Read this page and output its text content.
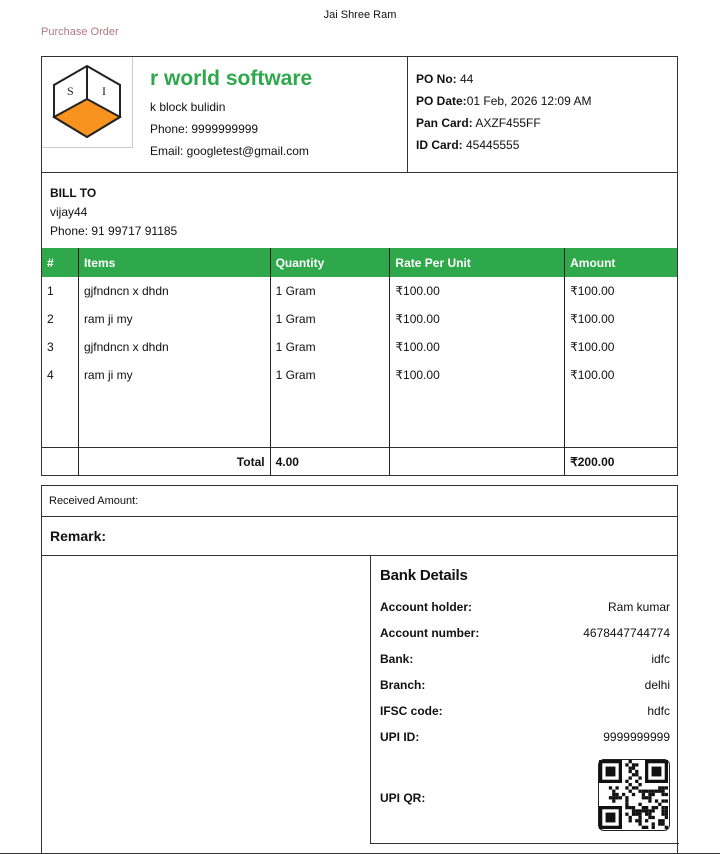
Jai Shree Ram
Purchase Order
S I
r world software
k block bulidin
Phone: 9999999999
Email: googletest@gmail.com
PO No: 44
PO Date:01 Feb, 2026 12:09 AM
Pan Card: AXZF455FF
ID Card: 45445555
BILL TO
vijay44
Phone: 91 99717 91185
#	Items	Quantity	Rate Per Unit	Amount
1	gjfndncn x dhdn	1 Gram	₹100.00	₹100.00
2	ram ji my	1 Gram	₹100.00	₹100.00
3	gjfndncn x dhdn	1 Gram	₹100.00	₹100.00
4	ram ji my	1 Gram	₹100.00	₹100.00

	Total	4.00		₹200.00
Received Amount:
Remark:
Bank Details
Account holder:	Ram kumar
Account number:	4678447744774
Bank:	idfc
Branch:	delhi
IFSC code:	hdfc
UPI ID:	9999999999
UPI QR:
